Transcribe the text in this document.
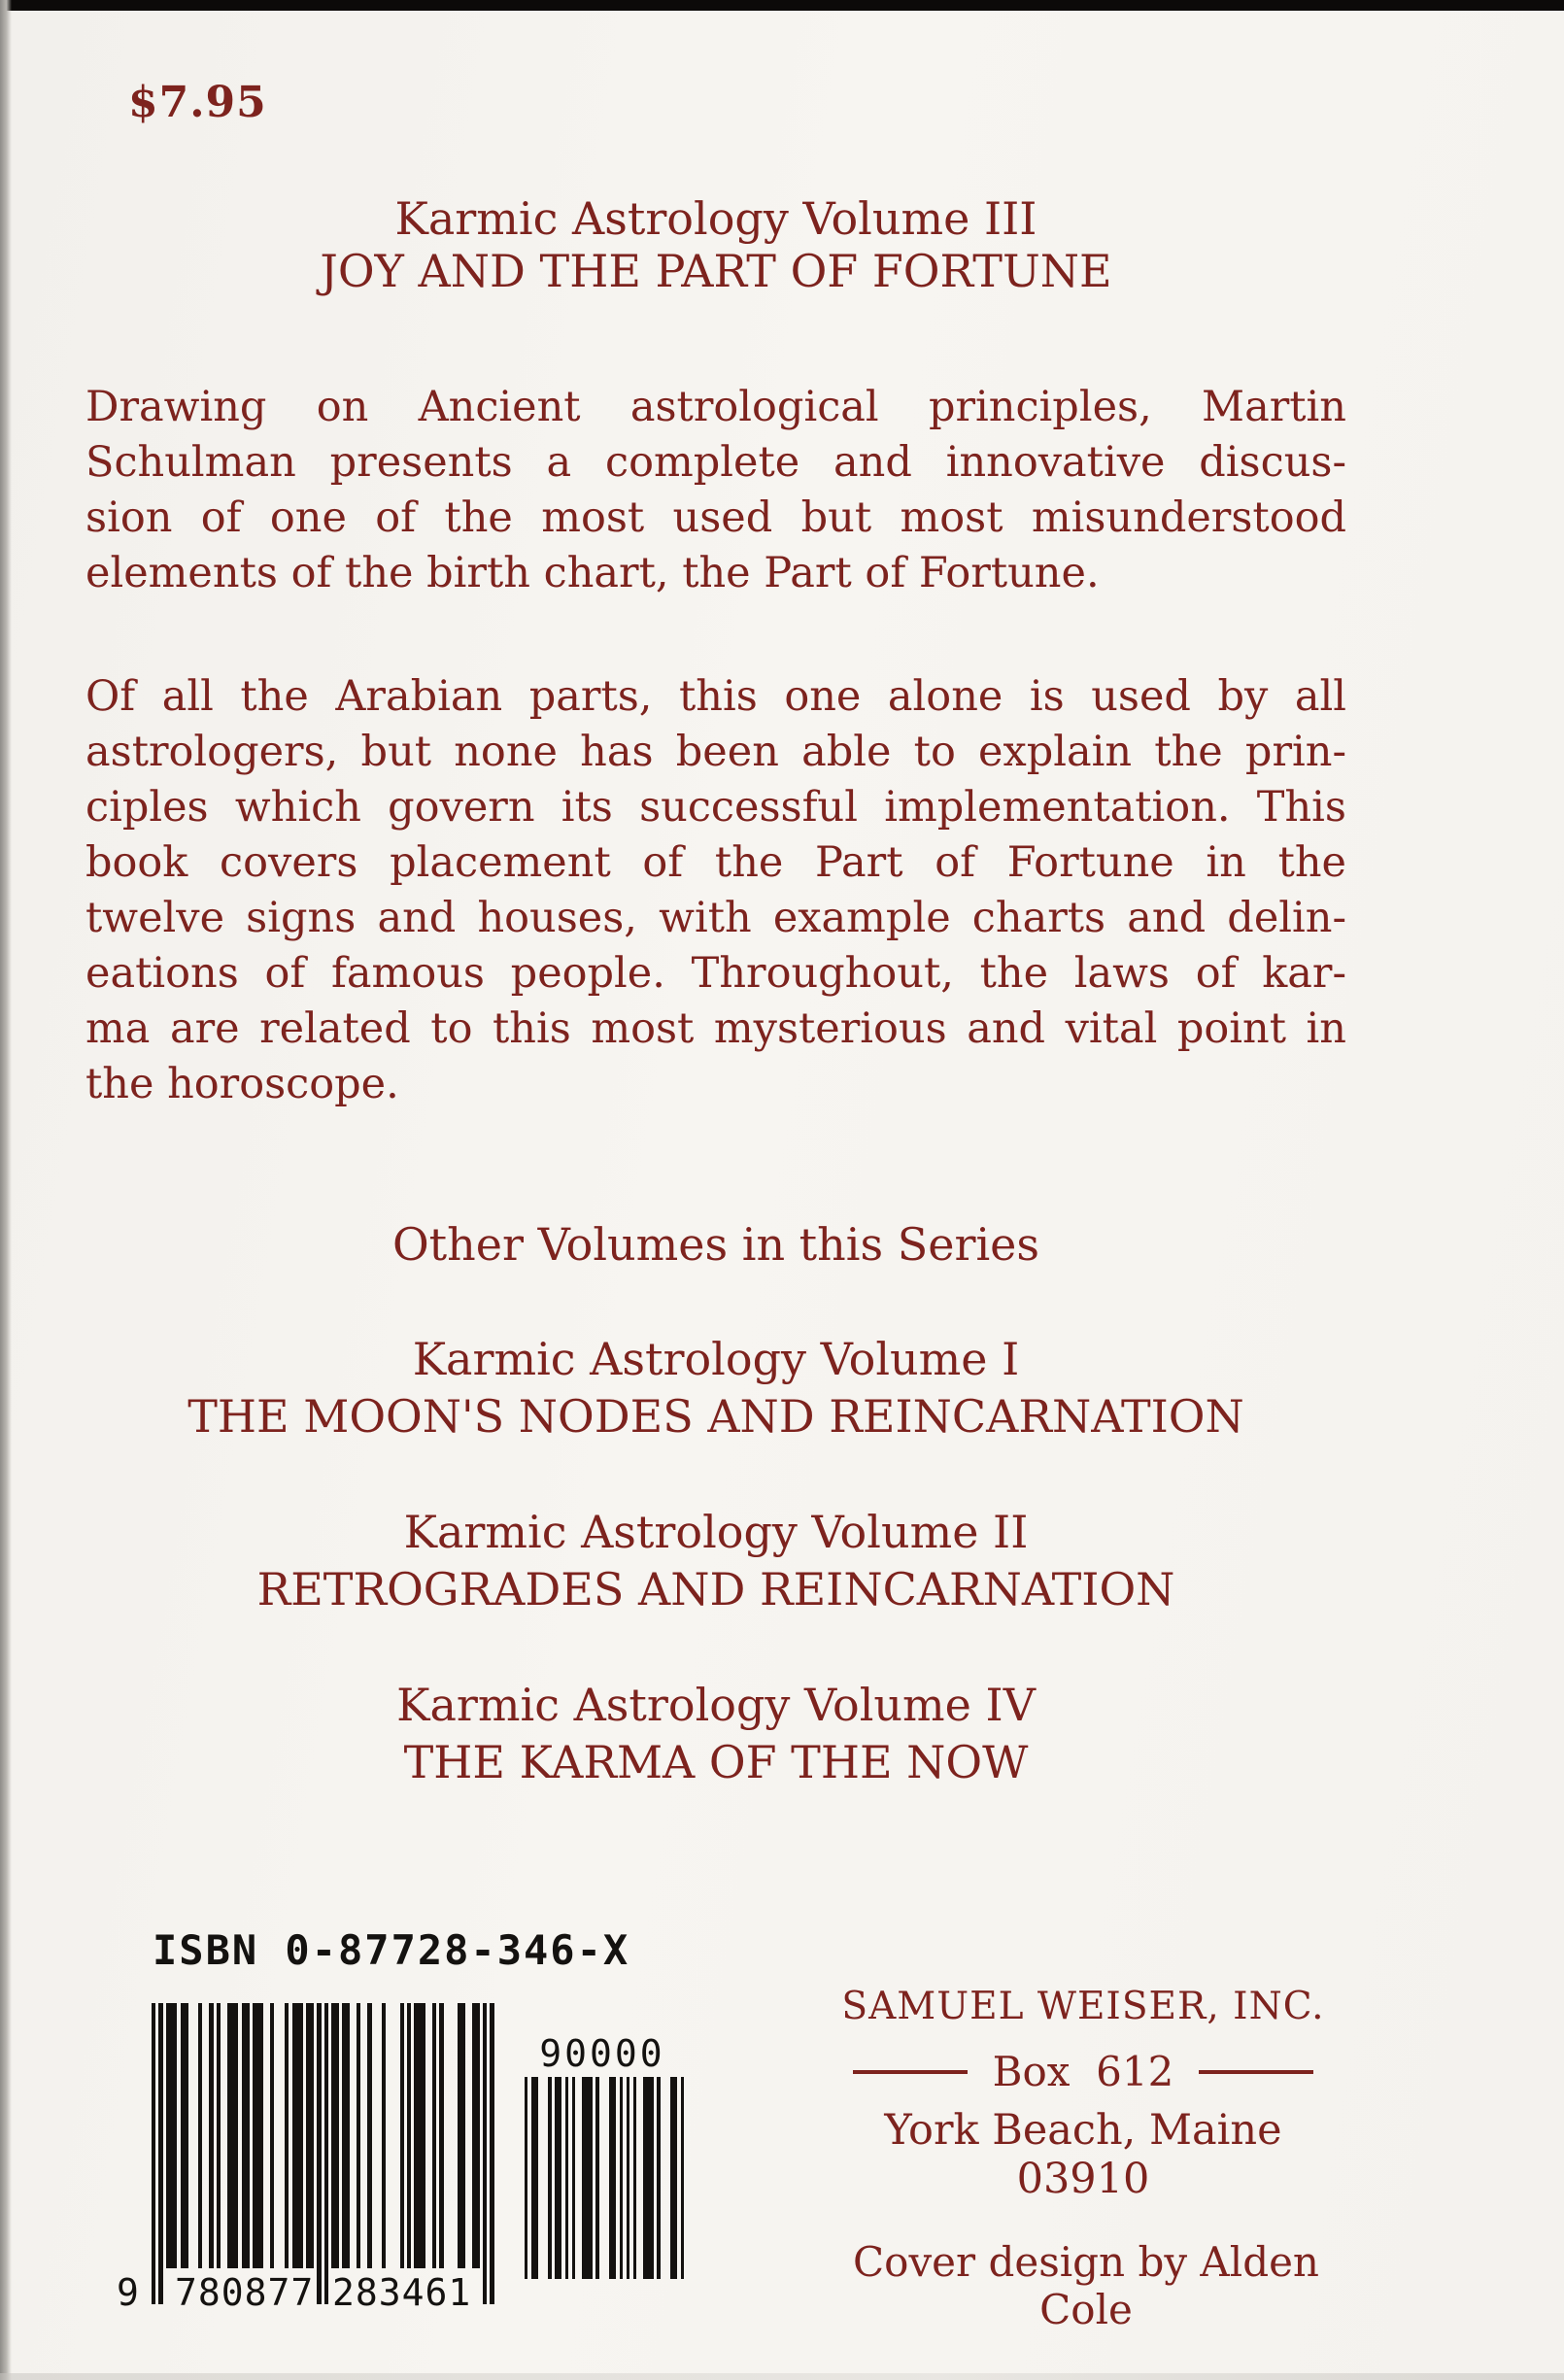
$7.95
Karmic Astrology Volume III
JOY AND THE PART OF FORTUNE
Drawing on Ancient astrological principles, Martin
Schulman presents a complete and innovative discus-
sion of one of the most used but most misunderstood
elements of the birth chart, the Part of Fortune.
Of all the Arabian parts, this one alone is used by all
astrologers, but none has been able to explain the prin-
ciples which govern its successful implementation. This
book covers placement of the Part of Fortune in the
twelve signs and houses, with example charts and delin-
eations of famous people. Throughout, the laws of kar-
ma are related to this most mysterious and vital point in
the horoscope.
Other Volumes in this Series
Karmic Astrology Volume I
THE MOON'S NODES AND REINCARNATION
Karmic Astrology Volume II
RETROGRADES AND REINCARNATION
Karmic Astrology Volume IV
THE KARMA OF THE NOW
ISBN 0-87728-346-X
9 780877 283461
90000
SAMUEL WEISER, INC.
Box  612
York Beach, Maine 03910
Cover design by Alden Cole
